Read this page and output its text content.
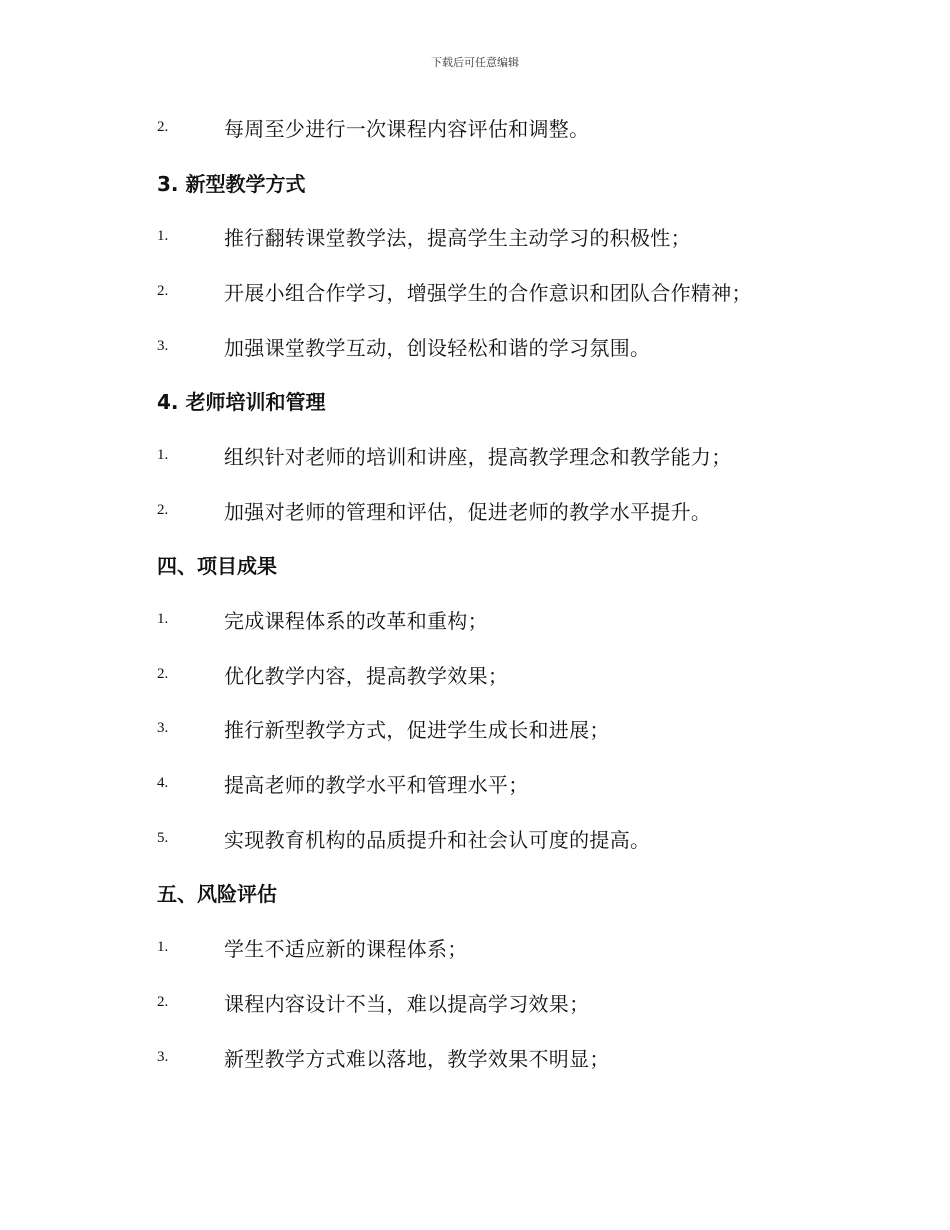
下载后可任意编辑
2.	每周至少进行一次课程内容评估和调整。
3. 新型教学方式
1.	推行翻转课堂教学法，提高学生主动学习的积极性；
2.	开展小组合作学习，增强学生的合作意识和团队合作精神；
3.	加强课堂教学互动，创设轻松和谐的学习氛围。
4. 老师培训和管理
1.	组织针对老师的培训和讲座，提高教学理念和教学能力；
2.	加强对老师的管理和评估，促进老师的教学水平提升。
四、项目成果
1.	完成课程体系的改革和重构；
2.	优化教学内容，提高教学效果；
3.	推行新型教学方式，促进学生成长和进展；
4.	提高老师的教学水平和管理水平；
5.	实现教育机构的品质提升和社会认可度的提高。
五、风险评估
1.	学生不适应新的课程体系；
2.	课程内容设计不当，难以提高学习效果；
3.	新型教学方式难以落地，教学效果不明显；
